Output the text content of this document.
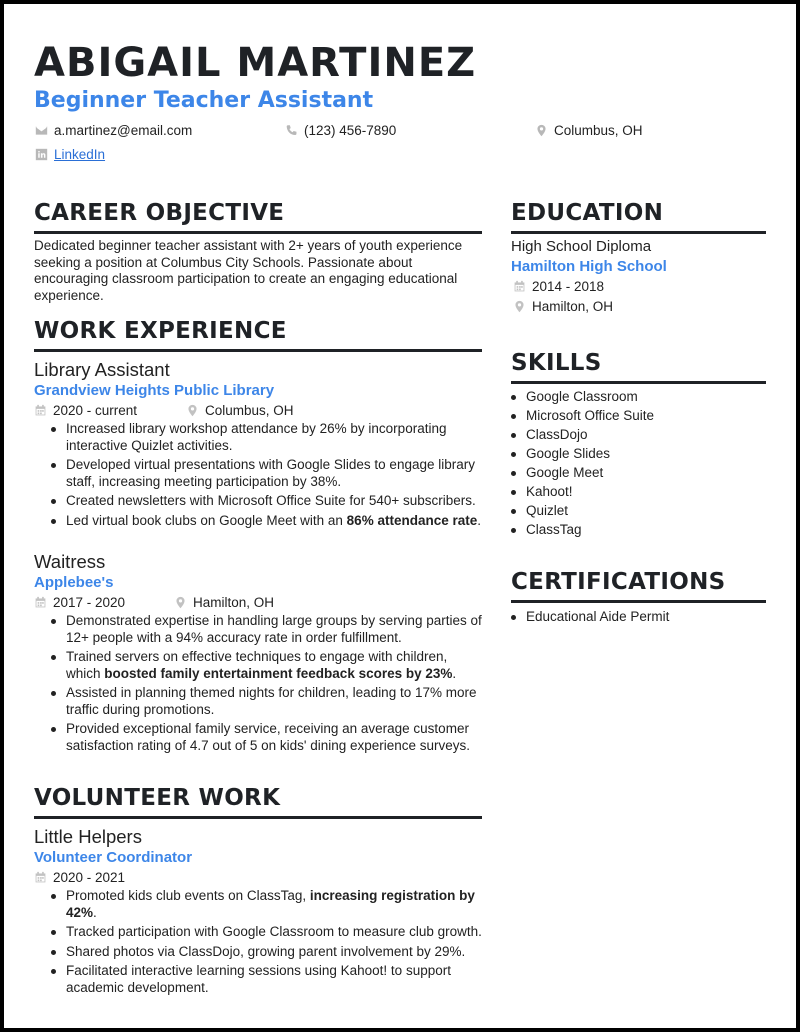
ABIGAIL MARTINEZ
Beginner Teacher Assistant
a.martinez@email.com	(123) 456-7890	Columbus, OH
LinkedIn
CAREER OBJECTIVE
Dedicated beginner teacher assistant with 2+ years of youth experience seeking a position at Columbus City Schools. Passionate about encouraging classroom participation to create an engaging educational experience.
WORK EXPERIENCE
Library Assistant
Grandview Heights Public Library
2020 - current	Columbus, OH
Increased library workshop attendance by 26% by incorporating interactive Quizlet activities.
Developed virtual presentations with Google Slides to engage library staff, increasing meeting participation by 38%.
Created newsletters with Microsoft Office Suite for 540+ subscribers.
Led virtual book clubs on Google Meet with an 86% attendance rate.
Waitress
Applebee's
2017 - 2020	Hamilton, OH
Demonstrated expertise in handling large groups by serving parties of 12+ people with a 94% accuracy rate in order fulfillment.
Trained servers on effective techniques to engage with children, which boosted family entertainment feedback scores by 23%.
Assisted in planning themed nights for children, leading to 17% more traffic during promotions.
Provided exceptional family service, receiving an average customer satisfaction rating of 4.7 out of 5 on kids' dining experience surveys.
VOLUNTEER WORK
Little Helpers
Volunteer Coordinator
2020 - 2021
Promoted kids club events on ClassTag, increasing registration by 42%.
Tracked participation with Google Classroom to measure club growth.
Shared photos via ClassDojo, growing parent involvement by 29%.
Facilitated interactive learning sessions using Kahoot! to support academic development.
EDUCATION
High School Diploma
Hamilton High School
2014 - 2018
Hamilton, OH
SKILLS
Google Classroom
Microsoft Office Suite
ClassDojo
Google Slides
Google Meet
Kahoot!
Quizlet
ClassTag
CERTIFICATIONS
Educational Aide Permit
